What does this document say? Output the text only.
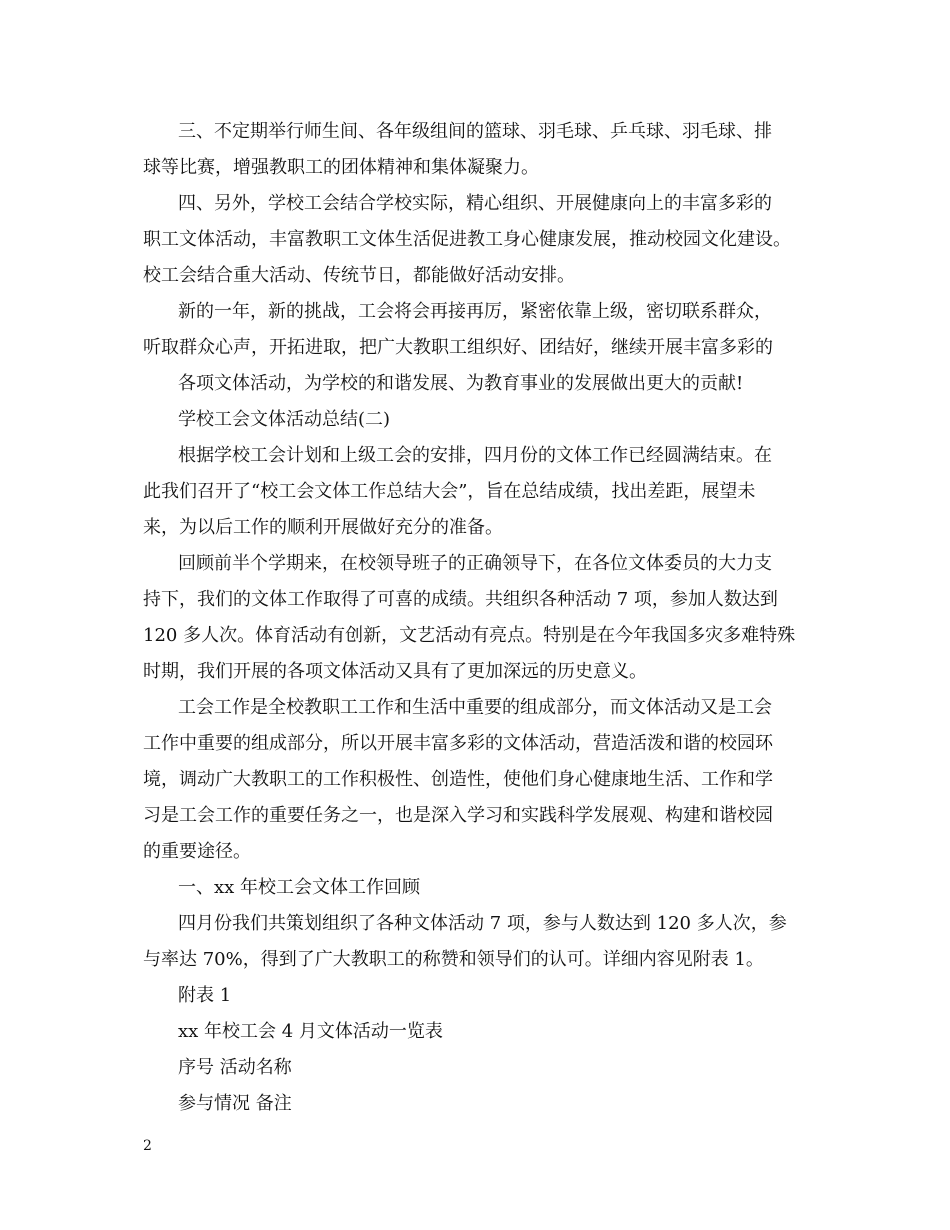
三、不定期举行师生间、各年级组间的篮球、羽毛球、乒乓球、羽毛球、排
球等比赛，增强教职工的团体精神和集体凝聚力。
四、另外，学校工会结合学校实际，精心组织、开展健康向上的丰富多彩的
职工文体活动，丰富教职工文体生活促进教工身心健康发展，推动校园文化建设。
校工会结合重大活动、传统节日，都能做好活动安排。
新的一年，新的挑战，工会将会再接再厉，紧密依靠上级，密切联系群众，
听取群众心声，开拓进取，把广大教职工组织好、团结好，继续开展丰富多彩的
各项文体活动，为学校的和谐发展、为教育事业的发展做出更大的贡献!
学校工会文体活动总结(二)
根据学校工会计划和上级工会的安排，四月份的文体工作已经圆满结束。在
此我们召开了“校工会文体工作总结大会”，旨在总结成绩，找出差距，展望未
来，为以后工作的顺利开展做好充分的准备。
回顾前半个学期来，在校领导班子的正确领导下，在各位文体委员的大力支
持下，我们的文体工作取得了可喜的成绩。共组织各种活动 7 项，参加人数达到
120 多人次。体育活动有创新，文艺活动有亮点。特别是在今年我国多灾多难特殊
时期，我们开展的各项文体活动又具有了更加深远的历史意义。
工会工作是全校教职工工作和生活中重要的组成部分，而文体活动又是工会
工作中重要的组成部分，所以开展丰富多彩的文体活动，营造活泼和谐的校园环
境，调动广大教职工的工作积极性、创造性，使他们身心健康地生活、工作和学
习是工会工作的重要任务之一，也是深入学习和实践科学发展观、构建和谐校园
的重要途径。
一、xx 年校工会文体工作回顾
四月份我们共策划组织了各种文体活动 7 项，参与人数达到 120 多人次，参
与率达 70%，得到了广大教职工的称赞和领导们的认可。详细内容见附表 1。
附表 1
xx 年校工会 4 月文体活动一览表
序号 活动名称
参与情况 备注
2
